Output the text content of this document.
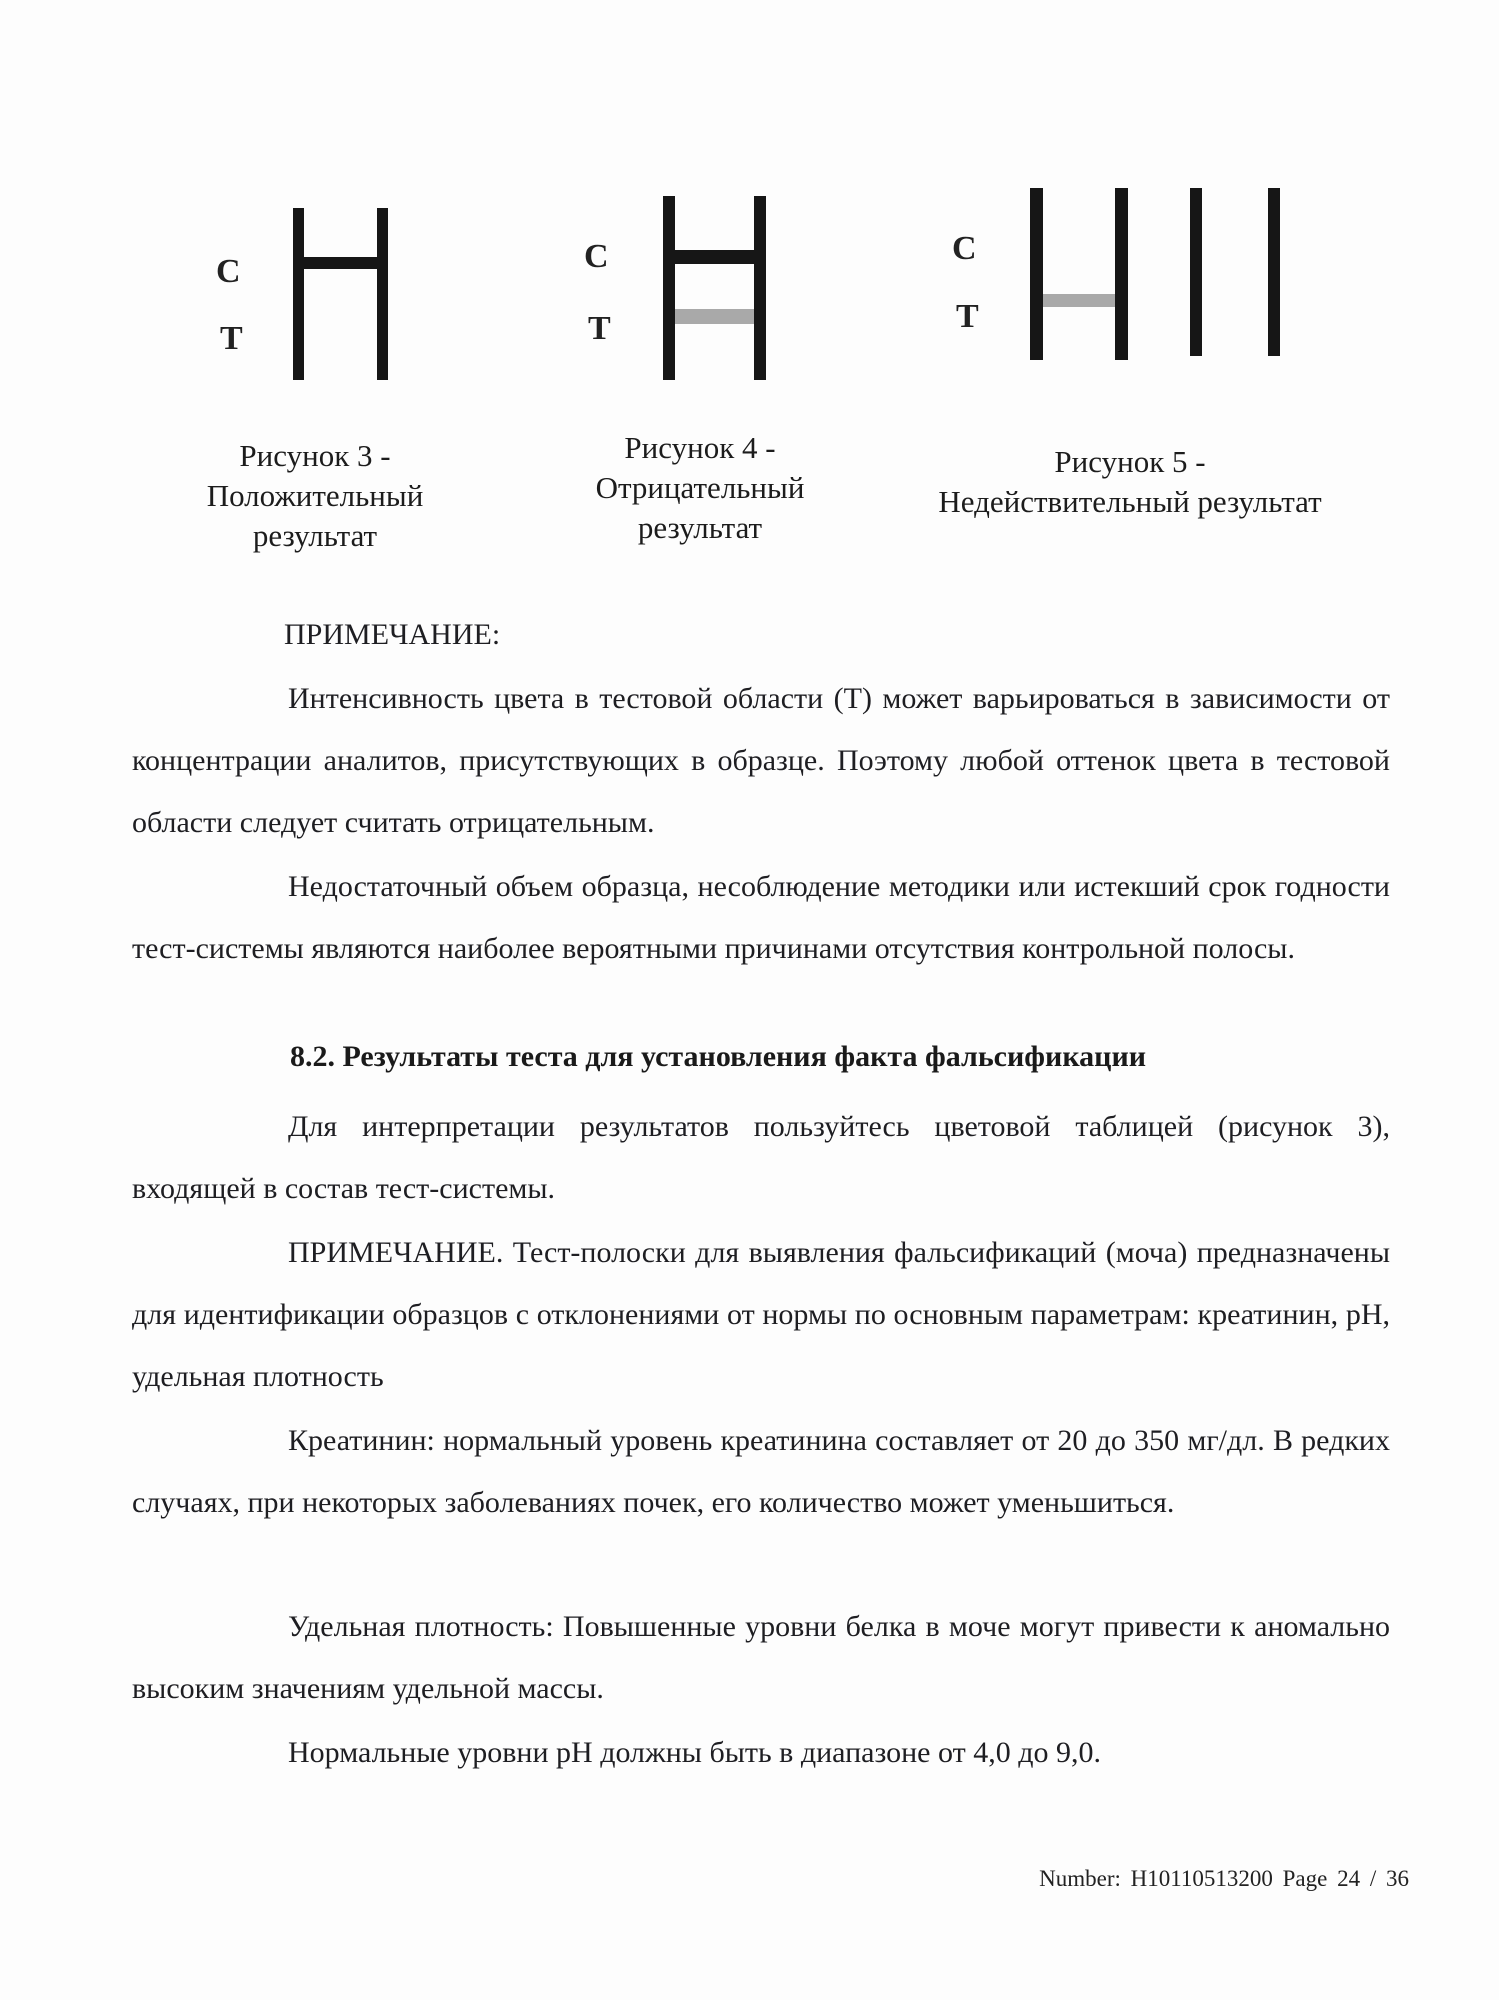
C
T
C
T
C
T
Рисунок 3 -
Положительный
результат
Рисунок 4 -
Отрицательный
результат
Рисунок 5 -
Недействительный результат
ПРИМЕЧАНИЕ:
Интенсивность цвета в тестовой области (Т) может варьироваться в зависимости от концентрации аналитов, присутствующих в образце. Поэтому любой оттенок цвета в тестовой области следует считать отрицательным.
Недостаточный объем образца, несоблюдение методики или истекший срок годности тест-системы являются наиболее вероятными причинами отсутствия контрольной полосы.
8.2. Результаты теста для установления факта фальсификации
Для интерпретации результатов пользуйтесь цветовой таблицей (рисунок 3), входящей в состав тест-системы.
ПРИМЕЧАНИЕ. Тест-полоски для выявления фальсификаций (моча) предназначены для идентификации образцов с отклонениями от нормы по основным параметрам: креатинин, pH, удельная плотность
Креатинин: нормальный уровень креатинина составляет от 20 до 350 мг/дл. В редких случаях, при некоторых заболеваниях почек, его количество может уменьшиться.
Удельная плотность: Повышенные уровни белка в моче могут привести к аномально высоким значениям удельной массы.
Нормальные уровни pH должны быть в диапазоне от 4,0 до 9,0.
Number: H10110513200 Page 24 / 36
